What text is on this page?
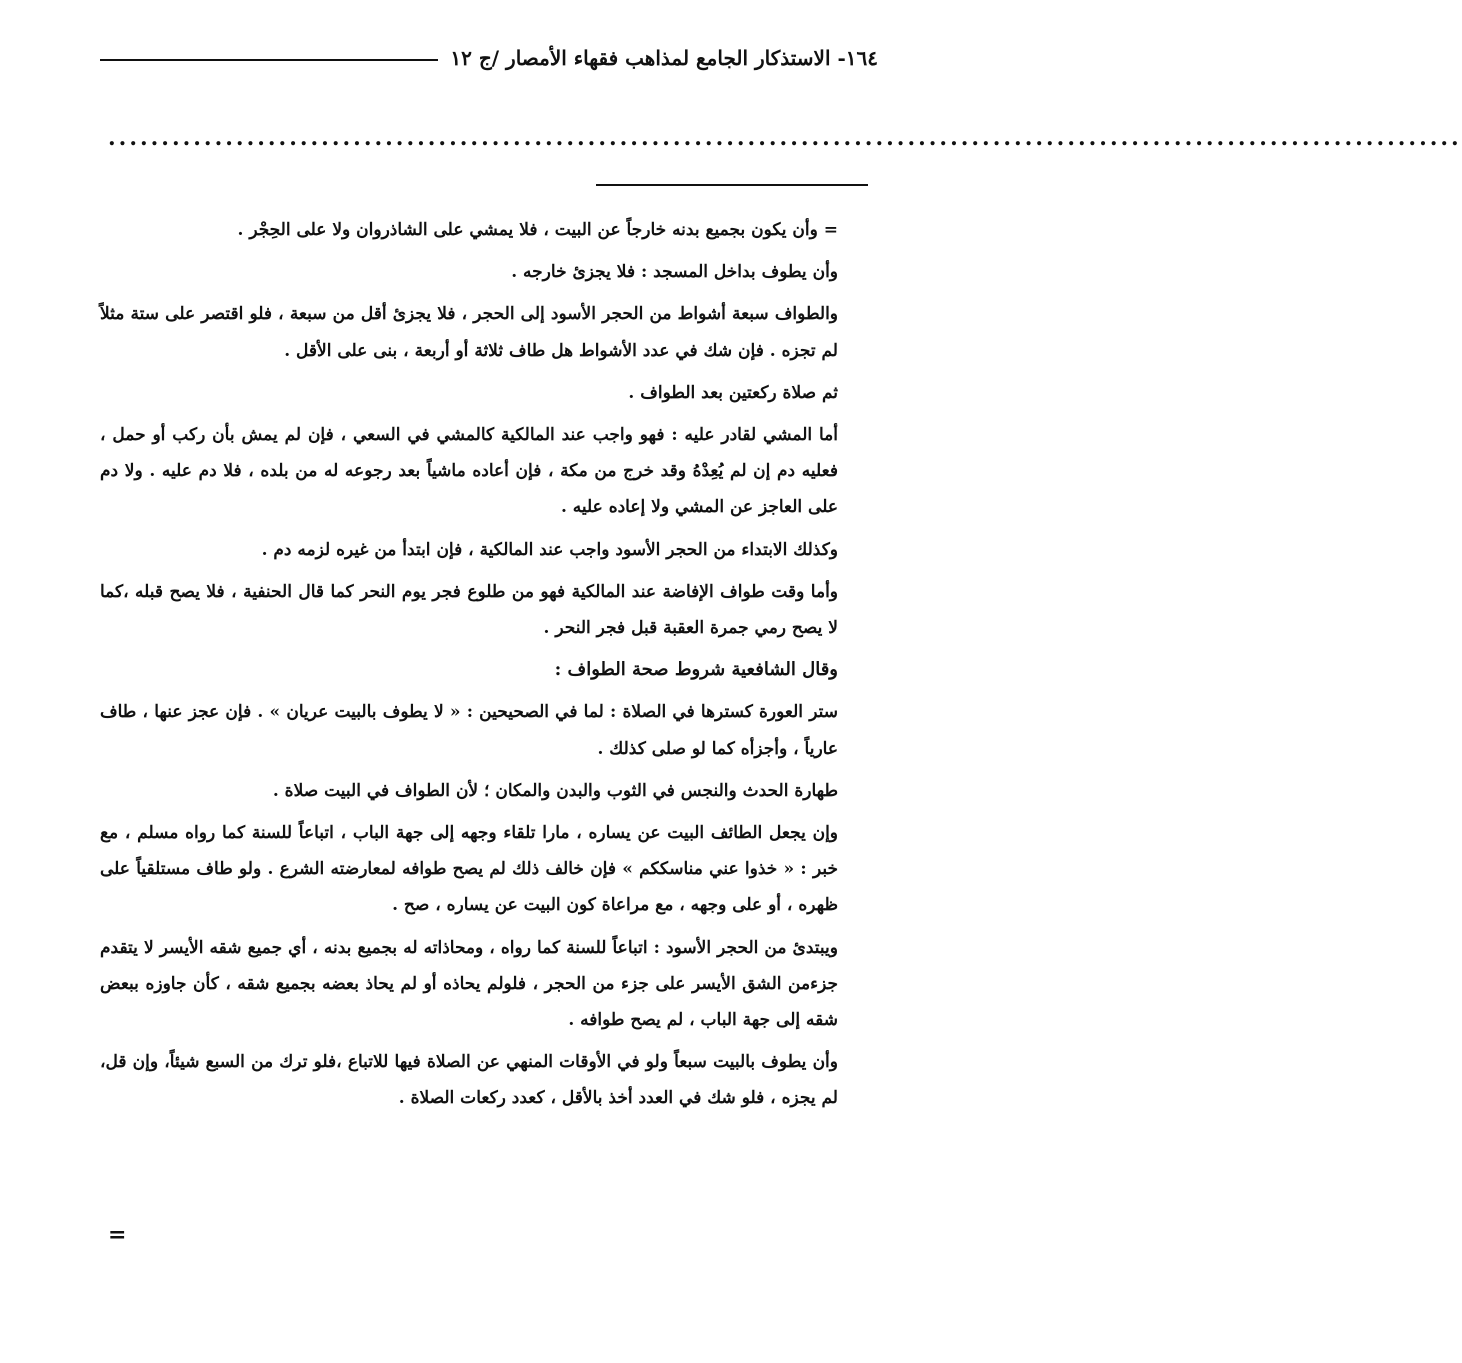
١٦٤- الاستذكار الجامع لمذاهب فقهاء الأمصار /ج ١٢
...............................................................................................................................

= وأن يكون بجميع بدنه خارجاً عن البيت ، فلا يمشي على الشاذروان ولا على الحِجْر .

وأن يطوف بداخل المسجد : فلا يجزئ خارجه .

والطواف سبعة أشواط من الحجر الأسود إلى الحجر ، فلا يجزئ أقل من سبعة ، فلو اقتصر على ستة مثلاً لم تجزه . فإن شك في عدد الأشواط هل طاف ثلاثة أو أربعة ، بنى على الأقل .

ثم صلاة ركعتين بعد الطواف .

أما المشي لقادر عليه : فهو واجب عند المالكية كالمشي في السعي ، فإن لم يمش بأن ركب أو حمل ، فعليه دم إن لم يُعِدْهُ وقد خرج من مكة ، فإن أعاده ماشياً بعد رجوعه له من بلده ، فلا دم عليه . ولا دم على العاجز عن المشي ولا إعاده عليه .

وكذلك الابتداء من الحجر الأسود واجب عند المالكية ، فإن ابتدأ من غيره لزمه دم .

وأما وقت طواف الإفاضة عند المالكية فهو من طلوع فجر يوم النحر كما قال الحنفية ، فلا يصح قبله ،كما لا يصح رمي جمرة العقبة قبل فجر النحر .

وقال الشافعية شروط صحة الطواف :

ستر العورة كسترها في الصلاة : لما في الصحيحين : « لا يطوف بالبيت عريان » . فإن عجز عنها ، طاف عارياً ، وأجزأه كما لو صلى كذلك .

طهارة الحدث والنجس في الثوب والبدن والمكان ؛ لأن الطواف في البيت صلاة .

وإن يجعل الطائف البيت عن يساره ، مارا تلقاء وجهه إلى جهة الباب ، اتباعاً للسنة كما رواه مسلم ، مع خبر : « خذوا عني مناسككم » فإن خالف ذلك لم يصح طوافه لمعارضته الشرع . ولو طاف مستلقياً على ظهره ، أو على وجهه ، مع مراعاة كون البيت عن يساره ، صح .

ويبتدئ من الحجر الأسود : اتباعاً للسنة كما رواه ، ومحاذاته له بجميع بدنه ، أي جميع شقه الأيسر لا يتقدم جزءمن الشق الأيسر على جزء من الحجر ، فلولم يحاذه أو لم يحاذ بعضه بجميع شقه ، كأن جاوزه ببعض شقه إلى جهة الباب ، لم يصح طوافه .

وأن يطوف بالبيت سبعاً ولو في الأوقات المنهي عن الصلاة فيها للاتباع ،فلو ترك من السبع شيئاً، وإن قل، لم يجزه ، فلو شك في العدد أخذ بالأقل ، كعدد ركعات الصلاة .

=
